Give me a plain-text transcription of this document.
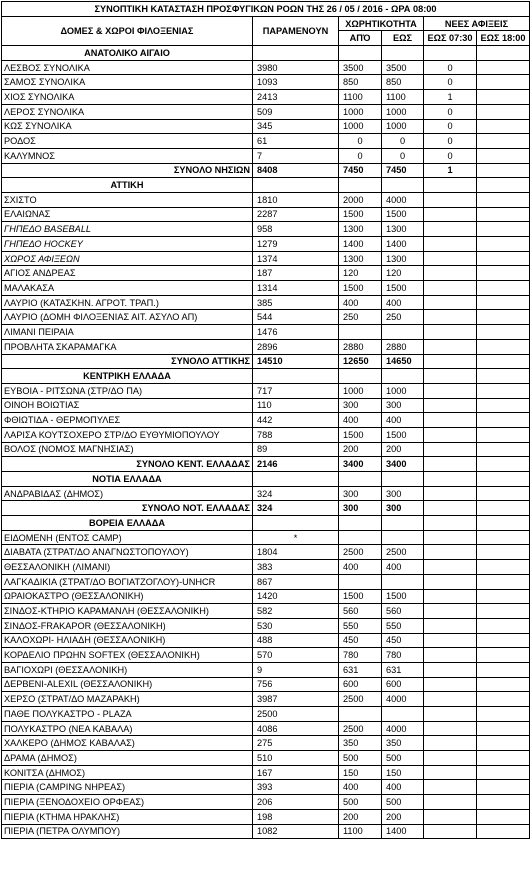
ΣΥΝΟΠΤΙΚΗ ΚΑΤΑΣΤΑΣΗ ΠΡΟΣΦΥΓΙΚΩΝ ΡΟΩΝ ΤΗΣ 26 / 05 / 2016 - ΩΡΑ 08:00					
ΔΟΜΕΣ & ΧΩΡΟΙ ΦΙΛΟΞΕΝΙΑΣ	ΠΑΡΑΜΕΝΟΥΝ	ΧΩΡΗΤΙΚΟΤΗΤΑ		ΝΕΕΣ ΑΦΙΞΕΙΣ	
		ΑΠΌ	ΕΩΣ	ΕΩΣ 07:30	ΕΩΣ 18:00
ΑΝΑΤΟΛΙΚΟ ΑΙΓΑΙΟ					
ΛΕΣΒΟΣ ΣΥΝΟΛΙΚΑ	3980	3500	3500	0	
ΣΑΜΟΣ ΣΥΝΟΛΙΚΑ	1093	850	850	0	
ΧΙΟΣ ΣΥΝΟΛΙΚΑ	2413	1100	1100	1	
ΛΕΡΟΣ ΣΥΝΟΛΙΚΑ	509	1000	1000	0	
ΚΩΣ ΣΥΝΟΛΙΚΑ	345	1000	1000	0	
ΡΟΔΟΣ	61	0	0	0	
ΚΑΛΥΜΝΟΣ	7	0	0	0	
ΣΥΝΟΛΟ ΝΗΣΙΩΝ	8408	7450	7450	1	
ΑΤΤΙΚΗ					
ΣΧΙΣΤΟ	1810	2000	4000		
ΕΛΑΙΩΝΑΣ	2287	1500	1500		
ΓΗΠΕΔΟ BASEBALL	958	1300	1300		
ΓΗΠΕΔΟ HOCKEY	1279	1400	1400		
ΧΩΡΟΣ ΑΦΙΞΕΩΝ	1374	1300	1300		
ΑΓΙΟΣ ΑΝΔΡΕΑΣ	187	120	120		
ΜΑΛΑΚΑΣΑ	1314	1500	1500		
ΛΑΥΡΙΟ (ΚΑΤΑΣΚΗΝ. ΑΓΡΟΤ. ΤΡΑΠ.)	385	400	400		
ΛΑΥΡΙΟ (ΔΟΜΗ ΦΙΛΟΞΕΝΙΑΣ ΑΙΤ. ΑΣΥΛΟ ΑΠ)	544	250	250		
ΛΙΜΑΝΙ ΠΕΙΡΑΙΑ	1476				
ΠΡΟΒΛΗΤΑ ΣΚΑΡΑΜΑΓΚΑ	2896	2880	2880		
ΣΥΝΟΛΟ ΑΤΤΙΚΗΣ	14510	12650	14650		
ΚΕΝΤΡΙΚΗ ΕΛΛΑΔΑ					
ΕΥΒΟΙΑ - ΡΙΤΣΩΝΑ (ΣΤΡ/ΔΟ ΠΑ)	717	1000	1000		
ΟΙΝΟΗ ΒΟΙΩΤΙΑΣ	110	300	300		
ΦΘΙΩΤΙΔΑ - ΘΕΡΜΟΠΥΛΕΣ	442	400	400		
ΛΑΡΙΣΑ ΚΟΥΤΣΟΧΕΡΟ ΣΤΡ/ΔΟ ΕΥΘΥΜΙΟΠΟΥΛΟΥ	788	1500	1500		
ΒΟΛΟΣ (ΝΟΜΟΣ ΜΑΓΝΗΣΙΑΣ)	89	200	200		
ΣΥΝΟΛΟ ΚΕΝΤ. ΕΛΛΑΔΑΣ	2146	3400	3400		
ΝΟΤΙΑ ΕΛΛΑΔΑ					
ΑΝΔΡΑΒΙΔΑΣ (ΔΗΜΟΣ)	324	300	300		
ΣΥΝΟΛΟ ΝΟΤ. ΕΛΛΑΔΑΣ	324	300	300		
ΒΟΡΕΙΑ ΕΛΛΑΔΑ					
ΕΙΔΟΜΕΝΗ (ΕΝΤΟΣ CAMP)	*				
ΔΙΑΒΑΤΑ (ΣΤΡΑΤ/ΔΟ ΑΝΑΓΝΩΣΤΟΠΟΥΛΟΥ)	1804	2500	2500		
ΘΕΣΣΑΛΟΝΙΚΗ (ΛΙΜΑΝΙ)	383	400	400		
ΛΑΓΚΑΔΙΚΙΑ (ΣΤΡΑΤ/ΔΟ ΒΟΓΙΑΤΖΟΓΛΟΥ)-UNHCR	867				
ΩΡΑΙΟΚΑΣΤΡΟ (ΘΕΣΣΑΛΟΝΙΚΗ)	1420	1500	1500		
ΣΙΝΔΟΣ-ΚΤΗΡΙΟ ΚΑΡΑΜΑΝΛΗ (ΘΕΣΣΑΛΟΝΙΚΗ)	582	560	560		
ΣΙΝΔΟΣ-FRAKAPOR (ΘΕΣΣΑΛΟΝΙΚΗ)	530	550	550		
ΚΑΛΟΧΩΡΙ- ΗΛΙΑΔΗ (ΘΕΣΣΑΛΟΝΙΚΗ)	488	450	450		
ΚΟΡΔΕΛΙΟ ΠΡΩΗΝ SOFTEX (ΘΕΣΣΑΛΟΝΙΚΗ)	570	780	780		
ΒΑΓΙΟΧΩΡΙ (ΘΕΣΣΑΛΟΝΙΚΗ)	9	631	631		
ΔΕΡΒΕΝΙ-ALEXIL (ΘΕΣΣΑΛΟΝΙΚΗ)	756	600	600		
ΧΕΡΣΟ (ΣΤΡΑΤ/ΔΟ ΜΑΖΑΡΑΚΗ)	3987	2500	4000		
ΠΑΘΕ ΠΟΛΥΚΑΣΤΡΟ - PLAZA	2500				
ΠΟΛΥΚΑΣΤΡΟ (ΝΕΑ ΚΑΒΑΛΑ)	4086	2500	4000		
ΧΑΛΚΕΡΟ (ΔΗΜΟΣ ΚΑΒΑΛΑΣ)	275	350	350		
ΔΡΑΜΑ (ΔΗΜΟΣ)	510	500	500		
ΚΟΝΙΤΣΑ (ΔΗΜΟΣ)	167	150	150		
ΠΙΕΡΙΑ (CAMPING ΝΗΡΕΑΣ)	393	400	400		
ΠΙΕΡΙΑ (ΞΕΝΟΔΟΧΕΙΟ ΟΡΦΕΑΣ)	206	500	500		
ΠΙΕΡΙΑ (ΚΤΗΜΑ ΗΡΑΚΛΗΣ)	198	200	200		
ΠΙΕΡΙΑ (ΠΕΤΡΑ ΟΛΥΜΠΟΥ)	1082	1100	1400		
